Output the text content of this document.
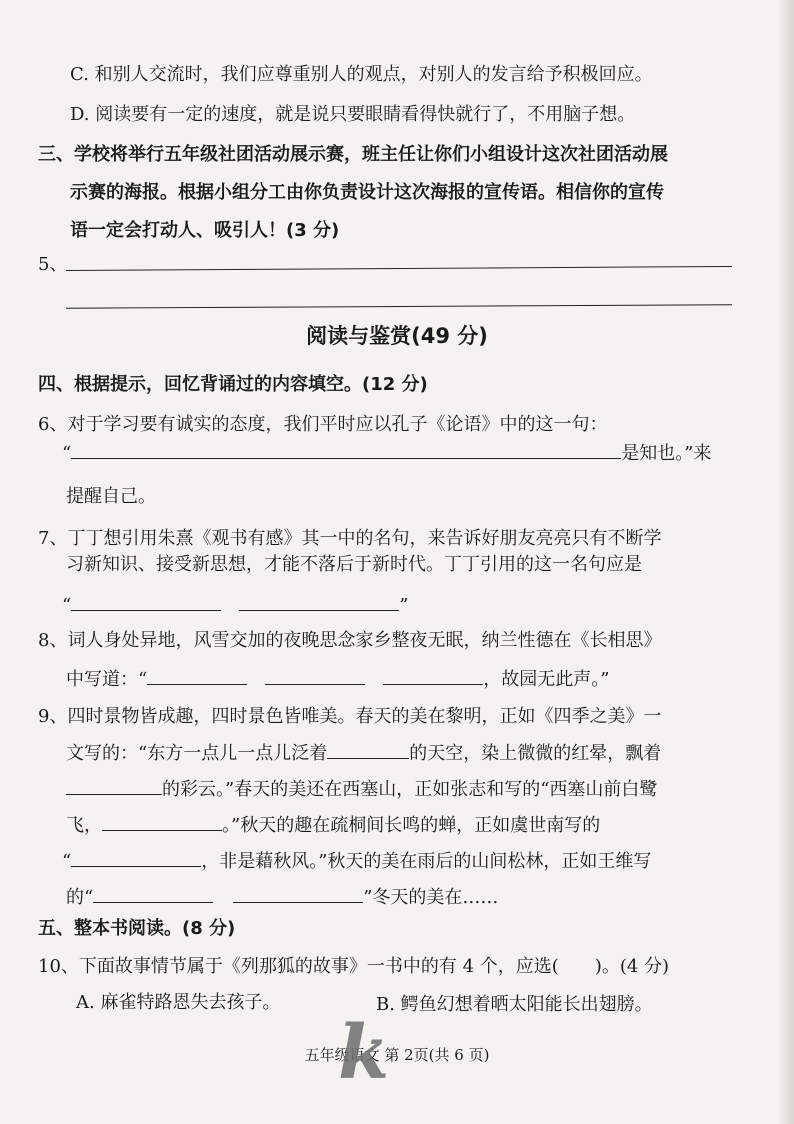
C. 和别人交流时，我们应尊重别人的观点，对别人的发言给予积极回应。
D. 阅读要有一定的速度，就是说只要眼睛看得快就行了，不用脑子想。
三、学校将举行五年级社团活动展示赛，班主任让你们小组设计这次社团活动展
示赛的海报。根据小组分工由你负责设计这次海报的宣传语。相信你的宣传
语一定会打动人、吸引人！(3 分)
5、
阅读与鉴赏(49 分)
四、根据提示，回忆背诵过的内容填空。(12 分)
6、对于学习要有诚实的态度，我们平时应以孔子《论语》中的这一句：
“	是知也。”来
提醒自己。
7、丁丁想引用朱熹《观书有感》其一中的名句，来告诉好朋友亮亮只有不断学
习新知识、接受新思想，才能不落后于新时代。丁丁引用的这一名句应是
“	”
8、词人身处异地，风雪交加的夜晚思念家乡整夜无眠，纳兰性德在《长相思》
中写道：“	，故园无此声。”
9、四时景物皆成趣，四时景色皆唯美。春天的美在黎明，正如《四季之美》一
文写的：“东方一点儿一点儿泛着	的天空，染上微微的红晕，飘着
的彩云。”春天的美还在西塞山，正如张志和写的“西塞山前白鹭
飞，	。”秋天的趣在疏桐间长鸣的蝉，正如虞世南写的
“	，非是藉秋风。”秋天的美在雨后的山间松林，正如王维写
的“	”冬天的美在……
五、整本书阅读。(8 分)
10、下面故事情节属于《列那狐的故事》一书中的有 4 个，应选(　　)。(4 分)
A. 麻雀特路恩失去孩子。	B. 鳄鱼幻想着晒太阳能长出翅膀。
五年级语文 第 2页(共 6 页)
k
